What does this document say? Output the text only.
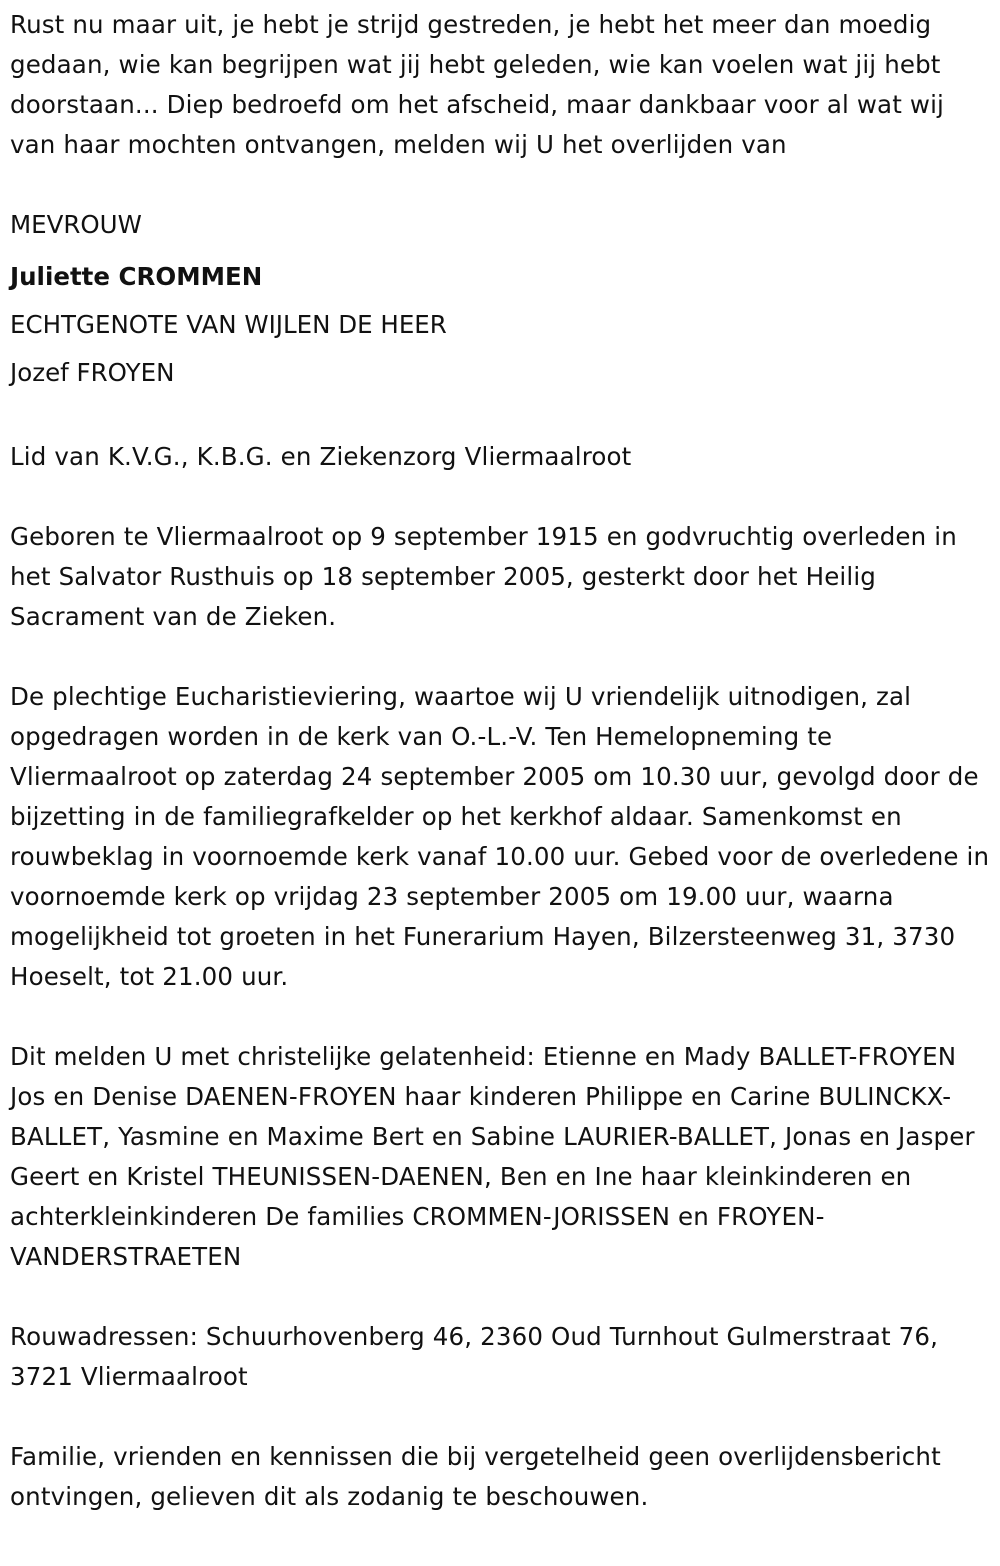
Rust nu maar uit, je hebt je strijd gestreden, je hebt het meer dan moedig gedaan, wie kan begrijpen wat jij hebt geleden, wie kan voelen wat jij hebt doorstaan... Diep bedroefd om het afscheid, maar dankbaar voor al wat wij van haar mochten ontvangen, melden wij U het overlijden van

MEVROUW
Juliette CROMMEN
ECHTGENOTE VAN WIJLEN DE HEER
Jozef FROYEN

Lid van K.V.G., K.B.G. en Ziekenzorg Vliermaalroot

Geboren te Vliermaalroot op 9 september 1915 en godvruchtig overleden in het Salvator Rusthuis op 18 september 2005, gesterkt door het Heilig Sacrament van de Zieken.

De plechtige Eucharistieviering, waartoe wij U vriendelijk uitnodigen, zal opgedragen worden in de kerk van O.-L.-V. Ten Hemelopneming te Vliermaalroot op zaterdag 24 september 2005 om 10.30 uur, gevolgd door de bijzetting in de familiegrafkelder op het kerkhof aldaar. Samenkomst en rouwbeklag in voornoemde kerk vanaf 10.00 uur. Gebed voor de overledene in voornoemde kerk op vrijdag 23 september 2005 om 19.00 uur, waarna mogelijkheid tot groeten in het Funerarium Hayen, Bilzersteenweg 31, 3730 Hoeselt, tot 21.00 uur.

Dit melden U met christelijke gelatenheid: Etienne en Mady BALLET-FROYEN Jos en Denise DAENEN-FROYEN haar kinderen Philippe en Carine BULINCKX-BALLET, Yasmine en Maxime Bert en Sabine LAURIER-BALLET, Jonas en Jasper Geert en Kristel THEUNISSEN-DAENEN, Ben en Ine haar kleinkinderen en achterkleinkinderen De families CROMMEN-JORISSEN en FROYEN-VANDERSTRAETEN

Rouwadressen: Schuurhovenberg 46, 2360 Oud Turnhout Gulmerstraat 76, 3721 Vliermaalroot

Familie, vrienden en kennissen die bij vergetelheid geen overlijdensbericht ontvingen, gelieven dit als zodanig te beschouwen.
